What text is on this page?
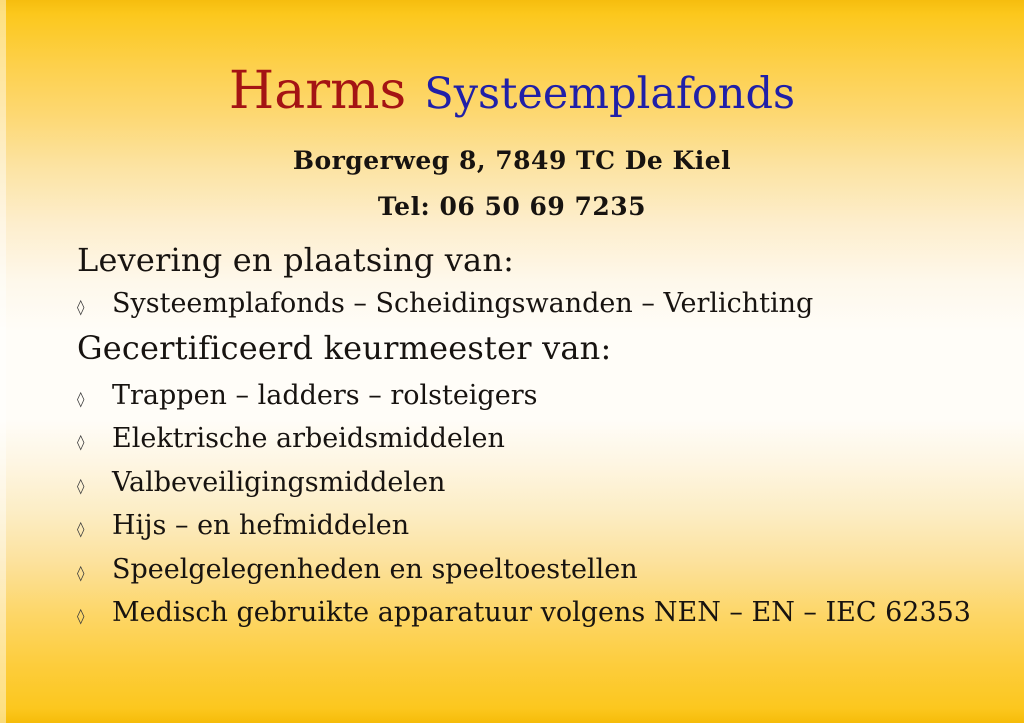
Harms Systeemplafonds
Borgerweg 8, 7849 TC De Kiel
Tel: 06 50 69 7235
Levering en plaatsing van:
◊	Systeemplafonds – Scheidingswanden – Verlichting
Gecertificeerd keurmeester van:
◊	Trappen – ladders – rolsteigers
◊	Elektrische arbeidsmiddelen
◊	Valbeveiligingsmiddelen
◊	Hijs – en hefmiddelen
◊	Speelgelegenheden en speeltoestellen
◊	Medisch gebruikte apparatuur volgens NEN – EN – IEC 62353
